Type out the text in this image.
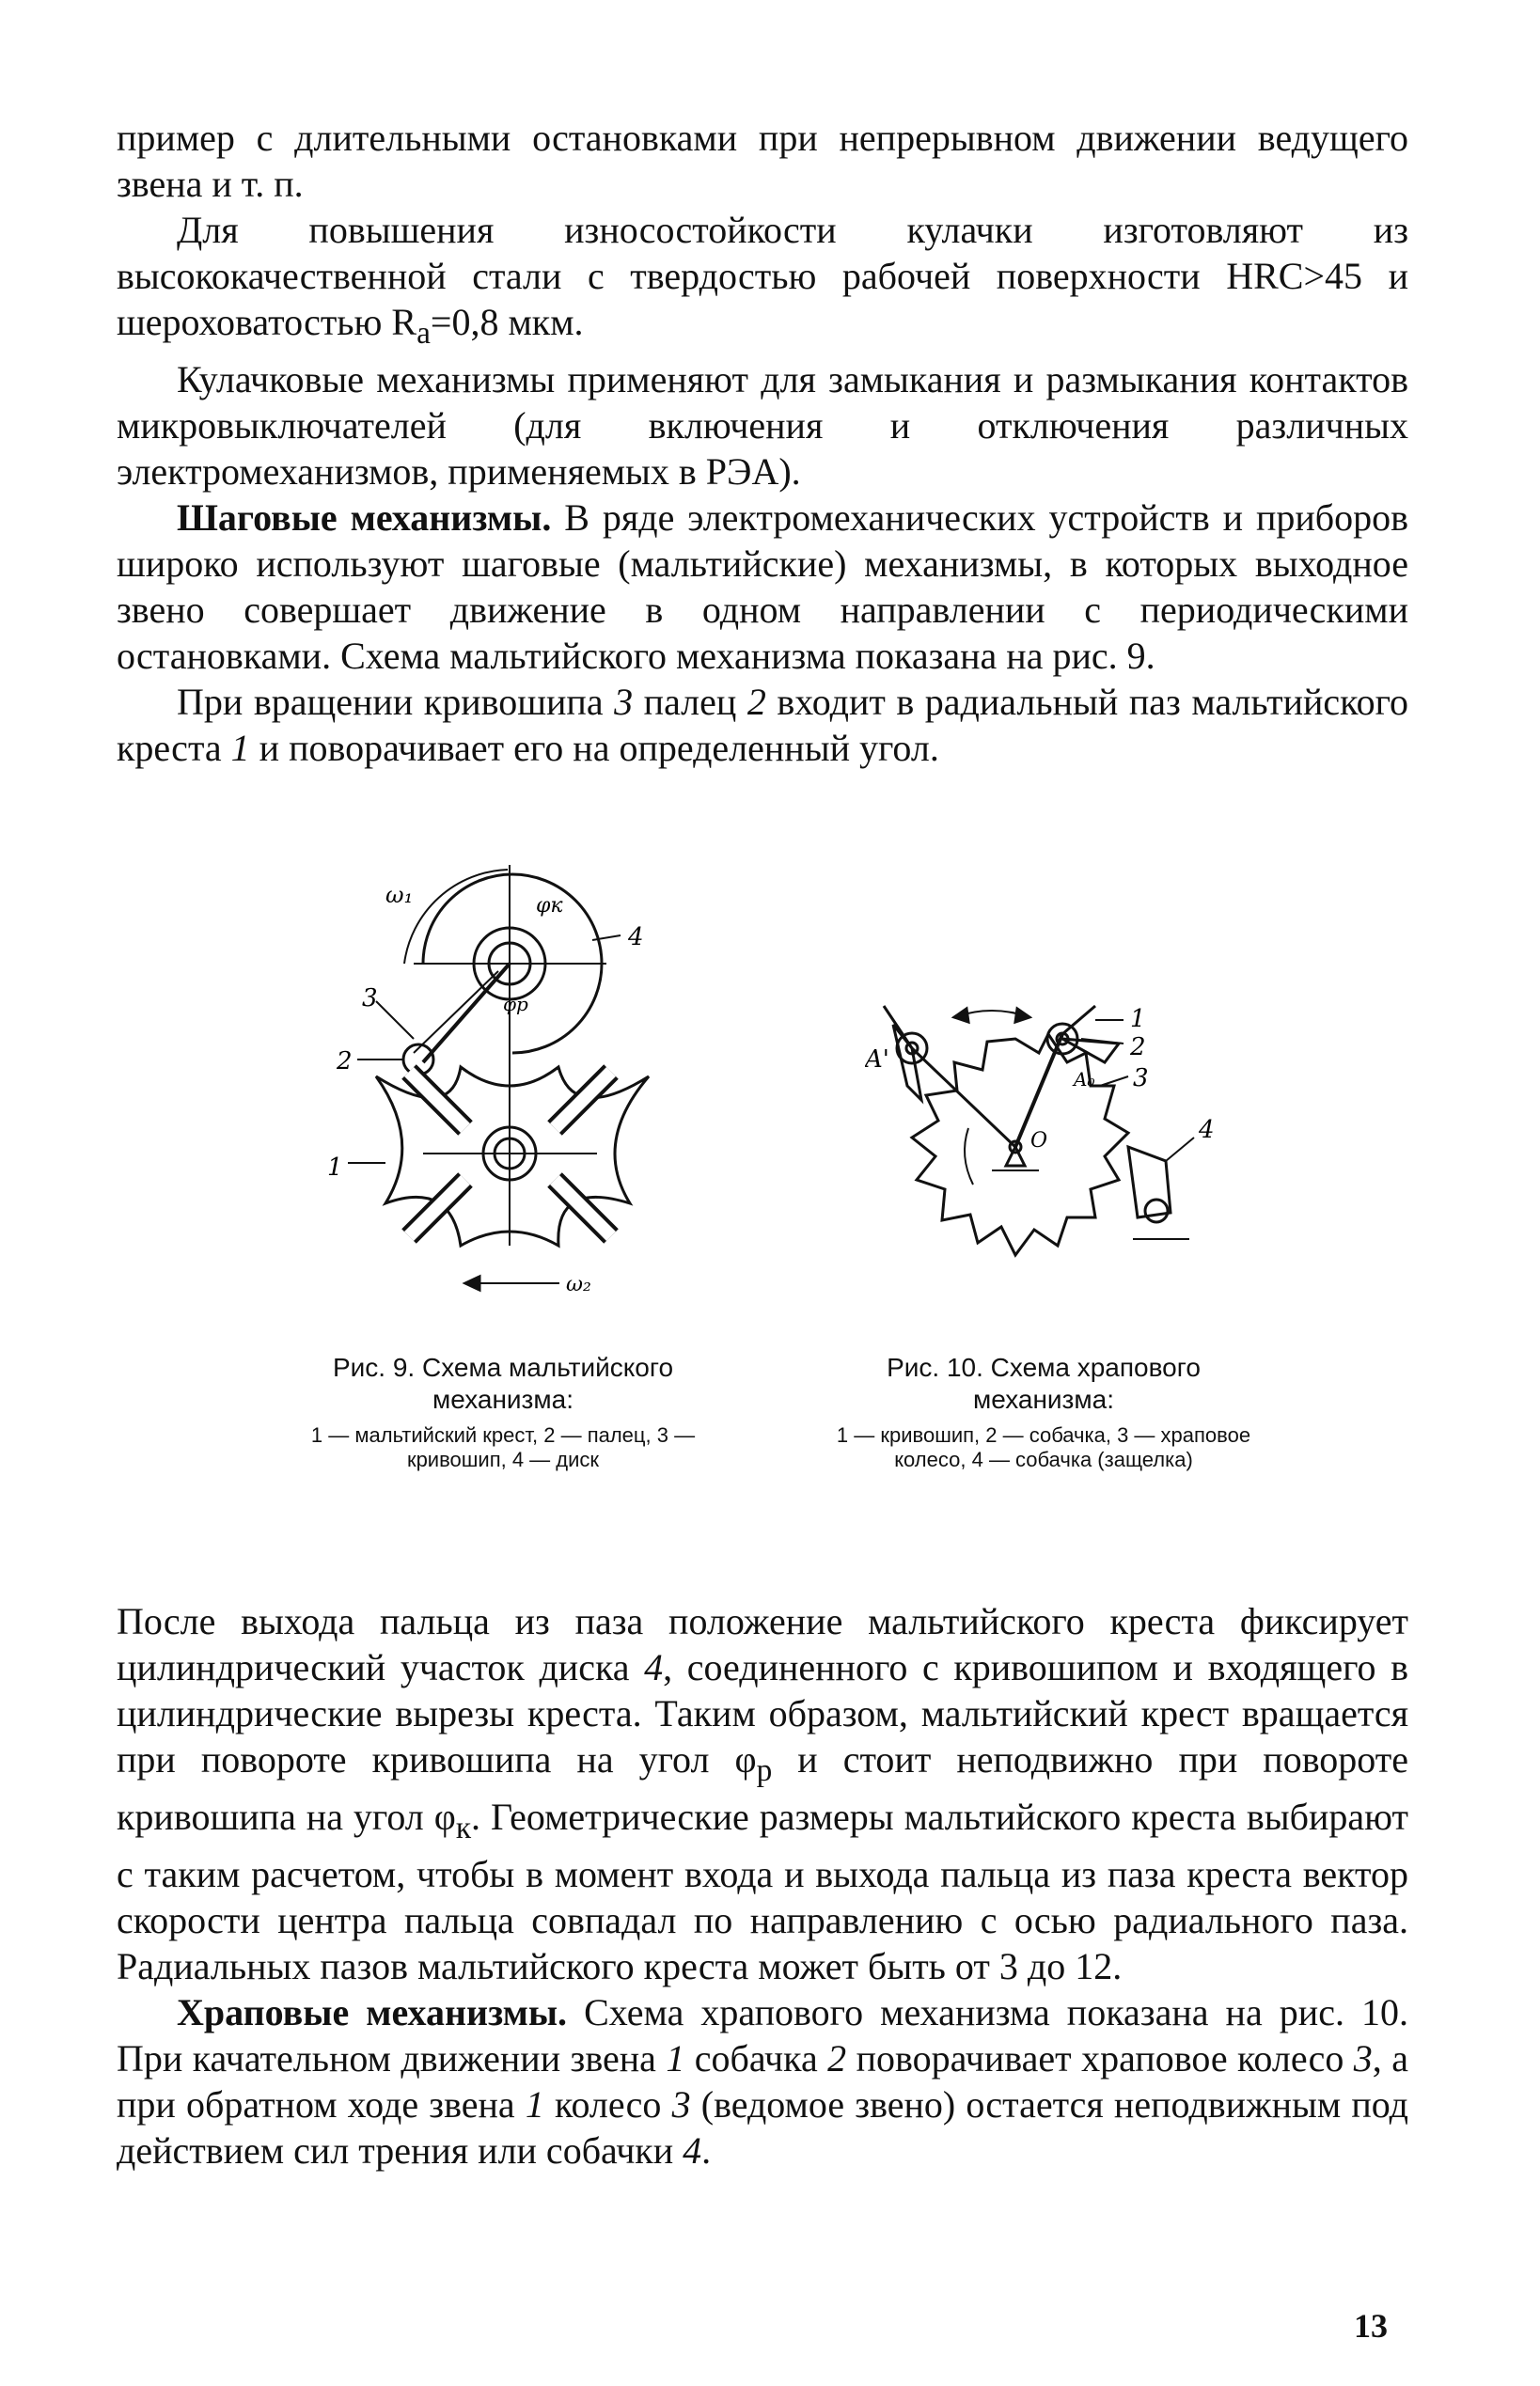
пример с длительными остановками при непрерывном движении ведущего звена и т. п.

Для повышения износостойкости кулачки изготовляют из высококачественной стали с твердостью рабочей поверхности HRC>45 и шероховатостью $R_a=0,8$ мкм.

Кулачковые механизмы применяют для замыкания и размыкания контактов микровыключателей (для включения и отключения различных электромеханизмов, применяемых в РЭА).

Шаговые механизмы. В ряде электромеханических устройств и приборов широко используют шаговые (мальтийские) механизмы, в которых выходное звено совершает движение в одном направлении с периодическими остановками. Схема мальтийского механизма показана на рис. 9.

При вращении кривошипа 3 палец 2 входит в радиальный паз мальтийского креста 1 и поворачивает его на определенный угол.

ω₁	φк
φр
4
3
2
1
ω₂
A'
1
2
3
4
A₀
O
Рис. 9. Схема мальтийского механизма:
1 — мальтийский крест, 2 — палец, 3 — кривошип, 4 — диск
Рис. 10. Схема храпового механизма:
1 — кривошип, 2 — собачка, 3 — храповое колесо, 4 — собачка (защелка)

После выхода пальца из паза положение мальтийского креста фиксирует цилиндрический участок диска 4, соединенного с кривошипом и входящего в цилиндрические вырезы креста. Таким образом, мальтийский крест вращается при повороте кривошипа на угол $\varphi_р$ и стоит неподвижно при повороте кривошипа на угол $\varphi_к$. Геометрические размеры мальтийского креста выбирают с таким расчетом, чтобы в момент входа и выхода пальца из паза креста вектор скорости центра пальца совпадал по направлению с осью радиального паза. Радиальных пазов мальтийского креста может быть от 3 до 12.

Храповые механизмы. Схема храпового механизма показана на рис. 10. При качательном движении звена 1 собачка 2 поворачивает храповое колесо 3, а при обратном ходе звена 1 колесо 3 (ведомое звено) остается неподвижным под действием сил трения или собачки 4.

13
